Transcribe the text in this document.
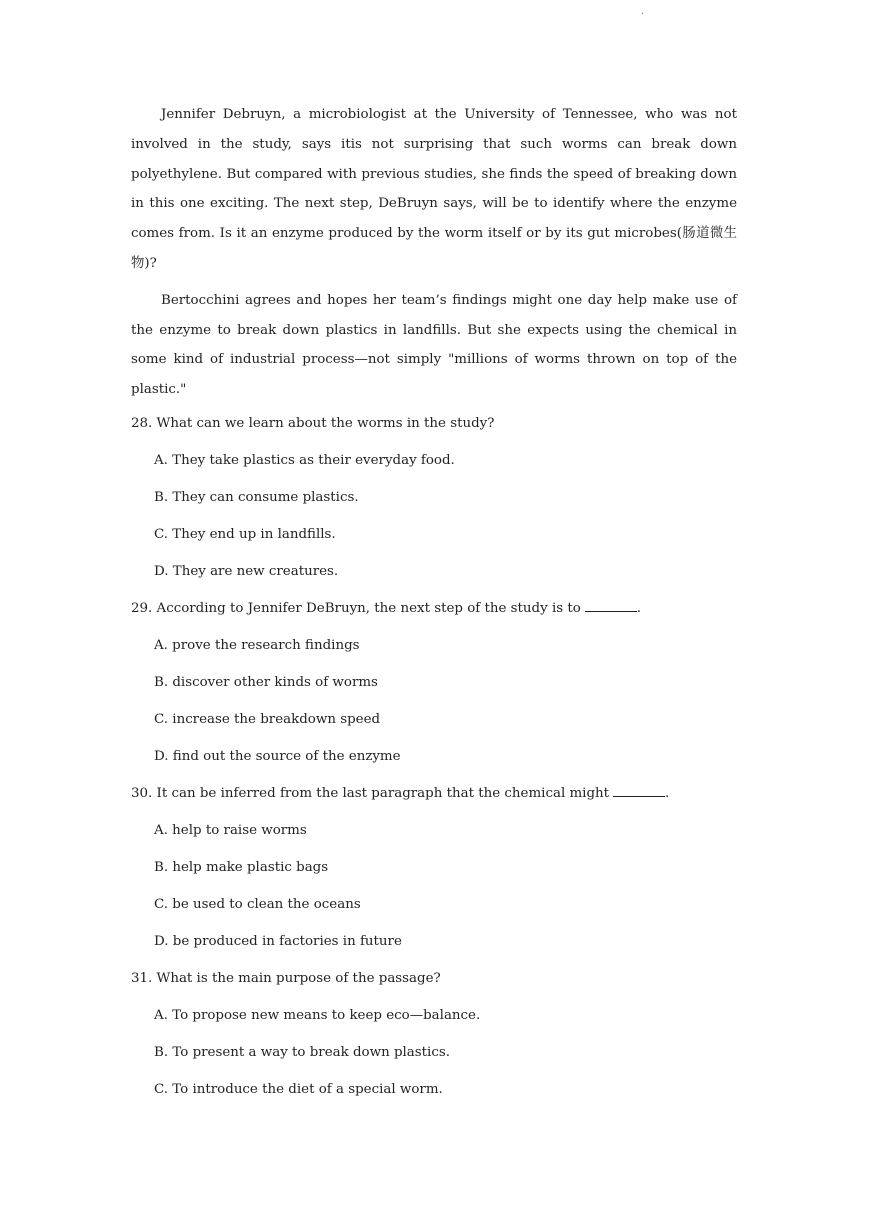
.

Jennifer Debruyn, a microbiologist at the University of Tennessee, who was not involved in the study, says itis not surprising that such worms can break down polyethylene. But compared with previous studies, she finds the speed of breaking down in this one exciting. The next step, DeBruyn says, will be to identify where the enzyme comes from. Is it an enzyme produced by the worm itself or by its gut microbes(肠道微生物)?

Bertocchini agrees and hopes her team’s findings might one day help make use of the enzyme to break down plastics in landfills. But she expects using the chemical in some kind of industrial process—not simply "millions of worms thrown on top of the plastic."

28. What can we learn about the worms in the study?

A. They take plastics as their everyday food.

B. They can consume plastics.

C. They end up in landfills.

D. They are new creatures.

29. According to Jennifer DeBruyn, the next step of the study is to	.

A. prove the research findings

B. discover other kinds of worms

C. increase the breakdown speed

D. find out the source of the enzyme

30. It can be inferred from the last paragraph that the chemical might	.

A. help to raise worms

B. help make plastic bags

C. be used to clean the oceans

D. be produced in factories in future

31. What is the main purpose of the passage?

A. To propose new means to keep eco—balance.

B. To present a way to break down plastics.

C. To introduce the diet of a special worm.
